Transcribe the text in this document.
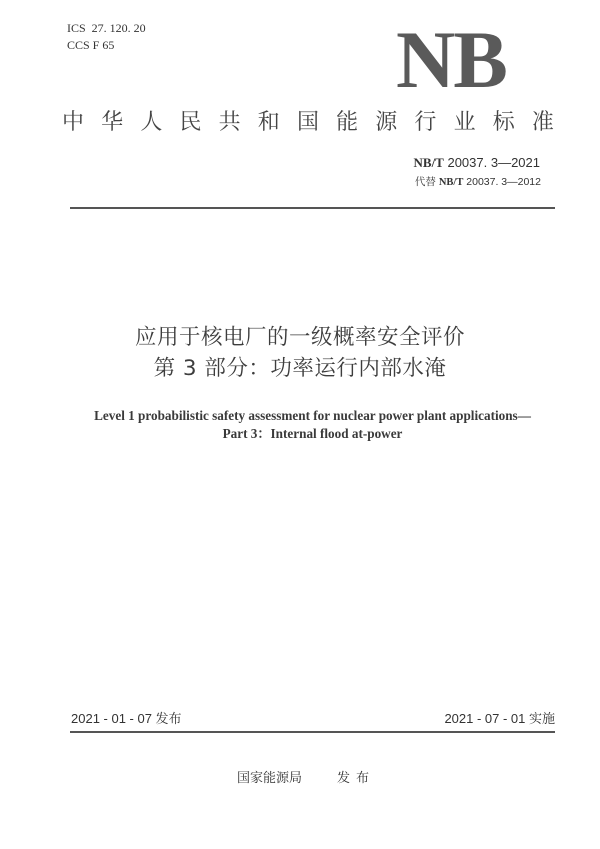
ICS  27. 120. 20
CCS F 65	NB
中 华 人 民 共 和 国 能 源 行 业 标 准
NB/T 20037. 3—2021
代替 NB/T 20037. 3—2012
应用于核电厂的一级概率安全评价
第 3 部分：功率运行内部水淹
Level 1 probabilistic safety assessment for nuclear power plant applications—
Part 3：Internal flood at-power
2021 - 01 - 07 发布	2021 - 07 - 01 实施
国家能源局	发布
